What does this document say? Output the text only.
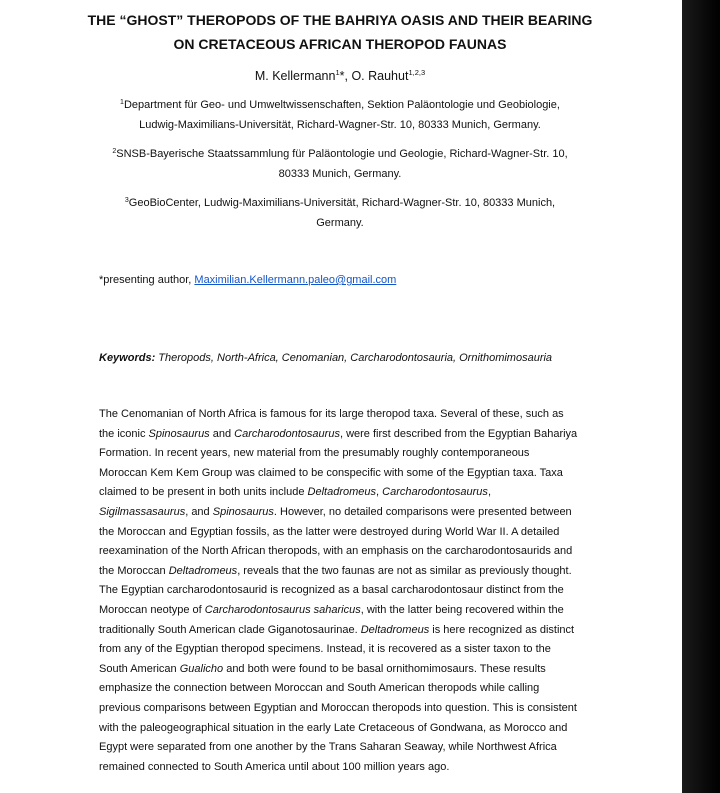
THE “GHOST” THEROPODS OF THE BAHRIYA OASIS AND THEIR BEARING
ON CRETACEOUS AFRICAN THEROPOD FAUNAS
M. Kellermann$^1$*, O. Rauhut$^{1,2,3}$
$^1$Department für Geo- und Umweltwissenschaften, Sektion Paläontologie und Geobiologie,
Ludwig-Maximilians-Universität, Richard-Wagner-Str. 10, 80333 Munich, Germany.
$^2$SNSB-Bayerische Staatssammlung für Paläontologie und Geologie, Richard-Wagner-Str. 10,
80333 Munich, Germany.
$^3$GeoBioCenter, Ludwig-Maximilians-Universität, Richard-Wagner-Str. 10, 80333 Munich,
Germany.
*presenting author, Maximilian.Kellermann.paleo@gmail.com
Keywords: Theropods, North-Africa, Cenomanian, Carcharodontosauria, Ornithomimosauria

The Cenomanian of North Africa is famous for its large theropod taxa. Several of these, such as
the iconic Spinosaurus and Carcharodontosaurus, were first described from the Egyptian Bahariya
Formation. In recent years, new material from the presumably roughly contemporaneous
Moroccan Kem Kem Group was claimed to be conspecific with some of the Egyptian taxa. Taxa
claimed to be present in both units include Deltadromeus, Carcharodontosaurus,
Sigilmassasaurus, and Spinosaurus. However, no detailed comparisons were presented between
the Moroccan and Egyptian fossils, as the latter were destroyed during World War II. A detailed
reexamination of the North African theropods, with an emphasis on the carcharodontosaurids and
the Moroccan Deltadromeus, reveals that the two faunas are not as similar as previously thought.
The Egyptian carcharodontosaurid is recognized as a basal carcharodontosaur distinct from the
Moroccan neotype of Carcharodontosaurus saharicus, with the latter being recovered within the
traditionally South American clade Giganotosaurinae. Deltadromeus is here recognized as distinct
from any of the Egyptian theropod specimens. Instead, it is recovered as a sister taxon to the
South American Gualicho and both were found to be basal ornithomimosaurs. These results
emphasize the connection between Moroccan and South American theropods while calling
previous comparisons between Egyptian and Moroccan theropods into question. This is consistent
with the paleogeographical situation in the early Late Cretaceous of Gondwana, as Morocco and
Egypt were separated from one another by the Trans Saharan Seaway, while Northwest Africa
remained connected to South America until about 100 million years ago.
